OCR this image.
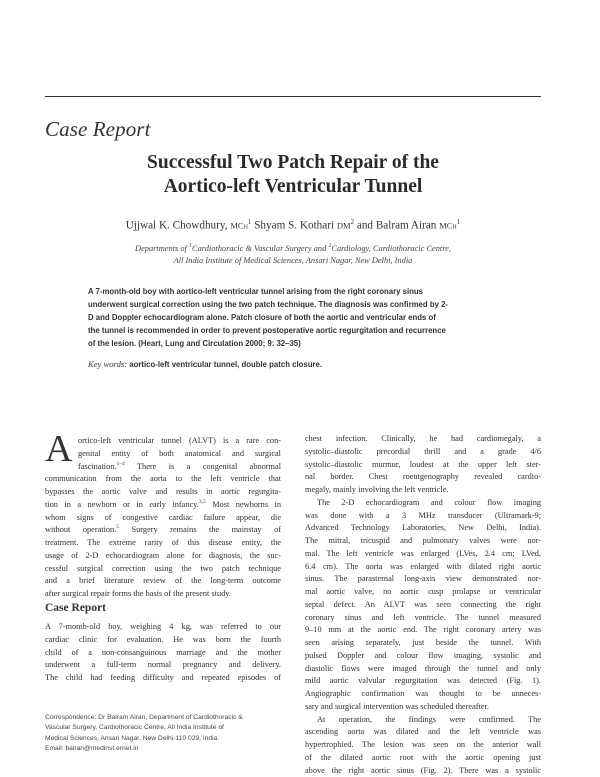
Case Report
Successful Two Patch Repair of the
Aortico-left Ventricular Tunnel
Ujjwal K. Chowdhury, MCh$^1$ Shyam S. Kothari $DM^2$ and Balram Airan MCh$^1$
Departments of $^1$Cardiothoracic & Vascular Surgery and $^2$Cardiology, Cardiothoracic Centre,
All India Institute of Medical Sciences, Ansari Nagar, New Delhi, India
A 7-month-old boy with aortico-left ventricular tunnel arising from the right coronary sinus
underwent surgical correction using the two patch technique. The diagnosis was confirmed by 2-
D and Doppler echocardiogram alone. Patch closure of both the aortic and ventricular ends of
the tunnel is recommended in order to prevent postoperative aortic regurgitation and recurrence
of the lesion. (Heart, Lung and Circulation 2000; 9: 32–35)
Key words: aortico-left ventricular tunnel, double patch closure.
A ortico-left ventricular tunnel (ALVT) is a rare con-
genital entity of both anatomical and surgical
fascination.$^{1-4}$ There is a congenital abnormal
communication from the aorta to the left ventricle that
bypasses the aortic valve and results in aortic regurgita-
tion in a newborn or in early infancy.$^{3,5}$ Most newborns in
whom signs of congestive cardiac failure appear, die
without operation.$^5$ Surgery remains the mainstay of
treatment. The extreme rarity of this disease entity, the
usage of 2-D echocardiogram alone for diagnosis, the suc-
cessful surgical correction using the two patch technique
and a brief literature review of the long-term outcome
after surgical repair forms the basis of the present study.
Case Report
A 7-month-old boy, weighing 4 kg, was referred to our
cardiac clinic for evaluation. He was born the fourth
child of a non-consanguinous marriage and the mother
underwent a full-term normal pregnancy and delivery.
The child had feeding difficulty and repeated episodes of
Correspondence: Dr Balram Airan, Department of Cardiothoracic &
Vascular Surgery, Cardiothoracic Centre, All India Institute of
Medical Sciences, Ansari Nagar, New Delhi-110 029, India.
Email: bairan@medinst.ernet.in
chest infection. Clinically, he had cardiomegaly, a
systolic–diastolic precordial thrill and a grade 4/6
systolic–diastolic murmur, loudest at the upper left ster-
nal border. Chest roentgenography revealed cardio-
megaly, mainly involving the left ventricle.
The 2-D echocardiogram and colour flow imaging
was done with a 3 MHz transducer (Ultramark-9;
Advanced Technology Laboratories, New Delhi, India).
The mitral, tricuspid and pulmonary valves were nor-
mal. The left ventricle was enlarged (LVes, 2.4 cm; LVed,
6.4 cm). The aorta was enlarged with dilated right aortic
sinus. The parasternal long-axis view demonstrated nor-
mal aortic valve, no aortic cusp prolapse or ventricular
septal defect. An ALVT was seen connecting the right
coronary sinus and left ventricle. The tunnel measured
9–10 mm at the aortic end. The right coronary artery was
seen arising separately, just beside the tunnel. With
pulsed Doppler and colour flow imaging, systolic and
diastolic flows were imaged through the tunnel and only
mild aortic valvular regurgitation was detected (Fig. 1).
Angiographic confirmation was thought to be unneces-
sary and surgical intervention was scheduled thereafter.
At operation, the findings were confirmed. The
ascending aorta was dilated and the left ventricle was
hypertrophied. The lesion was seen on the anterior wall
of the dilated aortic root with the aortic opening just
above the right aortic sinus (Fig. 2). There was a systolic
